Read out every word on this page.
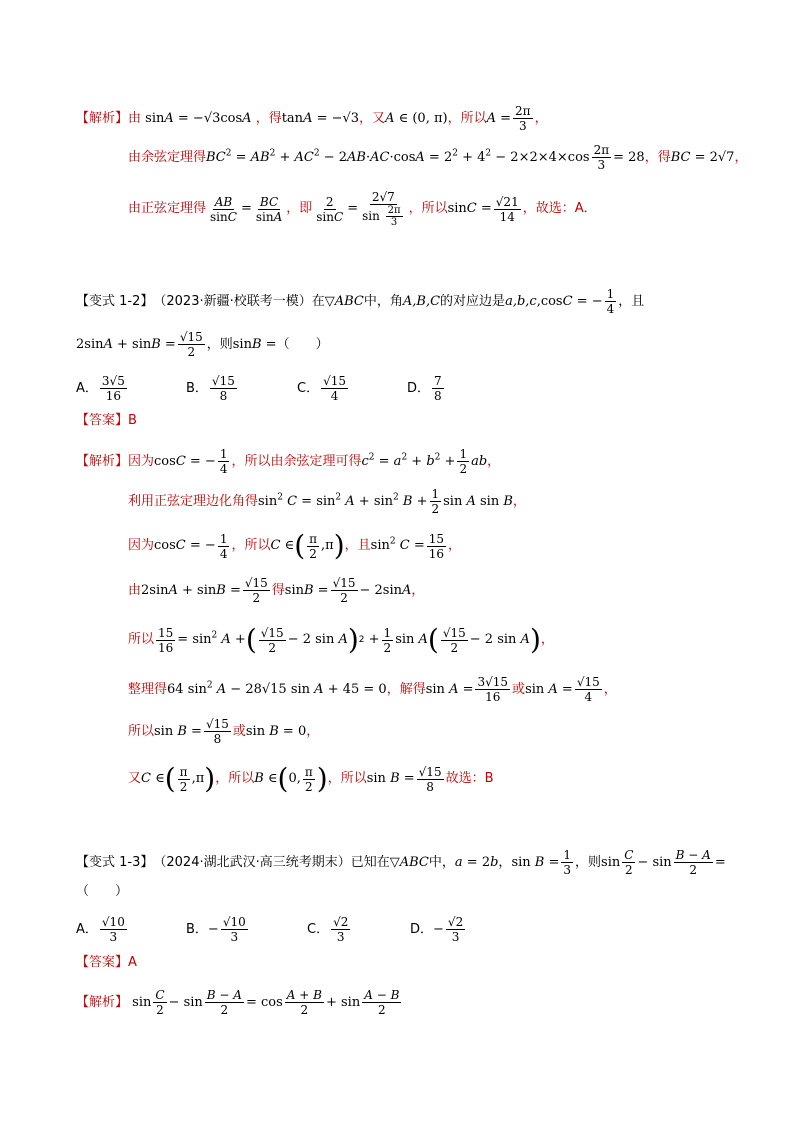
【解析】 由 sinA = −√3cosA ，得 tanA = −√3 ，又 A ∈ (0, π) ，所以 $A = \frac{2\pi}{3}$ ，
由余弦定理得 $BC^2 = AB^2 + AC^2 - 2AB\cdot AC\cdot\cos A = 2^2 + 4^2 - 2\times 2\times 4\times\cos \frac{2\pi}{3} = 28$ ，得 BC = 2√7 ，
由正弦定理得 $\frac{AB}{\sin C} = \frac{BC}{\sin A}$ ，即 $\frac{2}{\sin C} = \frac{2√7}{\sin \frac{2\pi}{3}}$ ，所以 $\sin C = \frac{√21}{14}$ ，故选：A．
【变式 1-2】 （2023·新疆·校联考一模）在 ▽ABC 中，角 A,B,C 的对应边是 a,b,c ,cosC = − $\frac{1}{4}$ ，且
$2\sin A + \sin B = \frac{√15}{2}$ ，则 sinB = （　　）
A． $\frac{3√5}{16}$	B． $\frac{√15}{8}$	C． $\frac{√15}{4}$	D． $\frac{7}{8}$
【答案】 B
【解析】 因为 cosC = − $\frac{1}{4}$ ，所以由余弦定理可得 $c^2 = a^2 + b^2 + \frac{1}{2}$ ab ，
利用正弦定理边化角得 $\sin^2 C = \sin^2 A + \sin^2 B + \frac{1}{2}$ sin A sin B ，
因为 cosC = − $\frac{1}{4}$ ，所以 C ∈ ( $\frac{\pi}{2} ,\pi$ ) ，且 $\sin^2 C = \frac{15}{16}$ ，
由 $2\sin A + \sin B = \frac{√15}{2}$ 得 $\sin B = \frac{√15}{2} - 2\sin A$ ，
所以 $\frac{15}{16} = \sin^2 A$ + ( $\frac{√15}{2} - 2$ sin A ) $2 + \frac{1}{2}$ sin A ( $\frac{√15}{2} - 2$ sin A ) ，
整理得 64 $\sin^2 A - 28√15$ sin A + 45 = 0 ，解得 $\sin A = \frac{3√15}{16}$ 或 $\sin A = \frac{√15}{4}$ ，
所以 $\sin B = \frac{√15}{8}$ 或 sin B = 0 ，
又 C ∈ ( $\frac{\pi}{2} ,\pi$ ) ，所以 B ∈ ( 0, $\frac{\pi}{2}$ ) ，所以 $\sin B = \frac{√15}{8}$ 故选：B
【变式 1-3】 （2024·湖北武汉·高三统考期末）已知在 ▽ABC 中， a = 2b ， $\sin B = \frac{1}{3}$ ，则 $\sin \frac{C}{2} - \sin \frac{B - A}{2}$ =
（　　）
A． $\frac{√10}{3}$	B． − $\frac{√10}{3}$	C． $\frac{√2}{3}$	D． − $\frac{√2}{3}$
【答案】 A
【解析】 $\sin \frac{C}{2} - \sin \frac{B - A}{2} = \cos \frac{A + B}{2} + \sin \frac{A - B}{2}$
